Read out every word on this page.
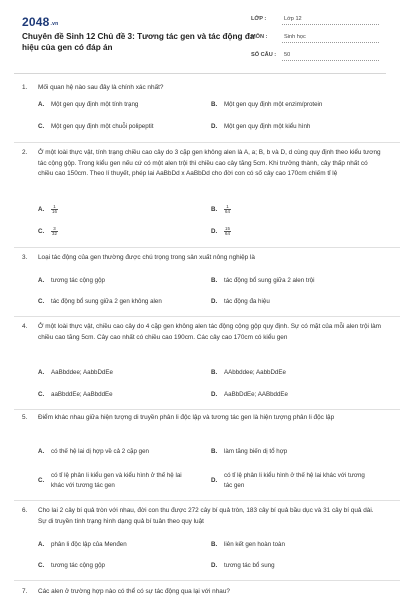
2048.vn
Chuyên đề Sinh 12 Chủ đề 3: Tương tác gen và tác động đa hiệu của gen có đáp án
LỚP :	Lớp 12
MÔN :	Sinh học
SỐ CÂU : 50
1. Mối quan hệ nào sau đây là chính xác nhất?
A. Một gen quy định một tính trạng	B. Một gen quy định một enzim/protein
C. Một gen quy định một chuỗi polipeptit	D. Một gen quy định một kiểu hình
2. Ở một loài thực vật, tính trạng chiều cao cây do 3 cặp gen không alen là A, a; B, b và D, d cùng quy định theo kiểu tương tác cộng gộp. Trong kiểu gen nếu cứ có một alen trội thì chiều cao cây tăng 5cm. Khi trưởng thành, cây thấp nhất có chiều cao 150cm. Theo lí thuyết, phép lai AaBbDd x AaBbDd cho đời con có số cây cao 170cm chiếm tỉ lệ
A. $\frac{1}{16}$	B. $\frac{1}{64}$
C. $\frac{3}{32}$	D. $\frac{15}{64}$
3. Loại tác động của gen thường được chú trọng trong sản xuất nông nghiệp là
A. tương tác cộng gộp	B. tác động bổ sung giữa 2 alen trội
C. tác động bổ sung giữa 2 gen không alen	D. tác động đa hiệu
4. Ở một loài thực vật, chiều cao cây do 4 cặp gen không alen tác động cộng gộp quy định. Sự có mặt của mỗi alen trội làm chiều cao tăng 5cm. Cây cao nhất có chiều cao 190cm. Các cây cao 170cm có kiểu gen
A. AaBbddee; AabbDdEe	B. AAbbddee; AabbDdEe
C. aaBbddEe; AaBbddEe	D. AaBbDdEe; AABbddEe
5. Điểm khác nhau giữa hiện tượng di truyền phân li độc lập và tương tác gen là hiện tượng phân li độc lập
A. có thế hệ lai dị hợp về cả 2 cặp gen	B. làm tăng biến dị tổ hợp
C.
có tỉ lệ phân li kiểu gen và kiểu hình ở thế hệ lai khác với tương tác gen
D.
có tỉ lệ phân li kiểu hình ở thế hệ lai khác với tương tác gen
6. Cho lai 2 cây bí quả tròn với nhau, đời con thu được 272 cây bí quả tròn, 183 cây bí quả bầu dục và 31 cây bí quả dài. Sự di truyền tính trạng hình dạng quả bí tuân theo quy luật
A. phân li độc lập của Menđen	B. liên kết gen hoàn toàn
C. tương tác cộng gộp	D. tương tác bổ sung
7. Các alen ở trường hợp nào có thể có sự tác động qua lại với nhau?
